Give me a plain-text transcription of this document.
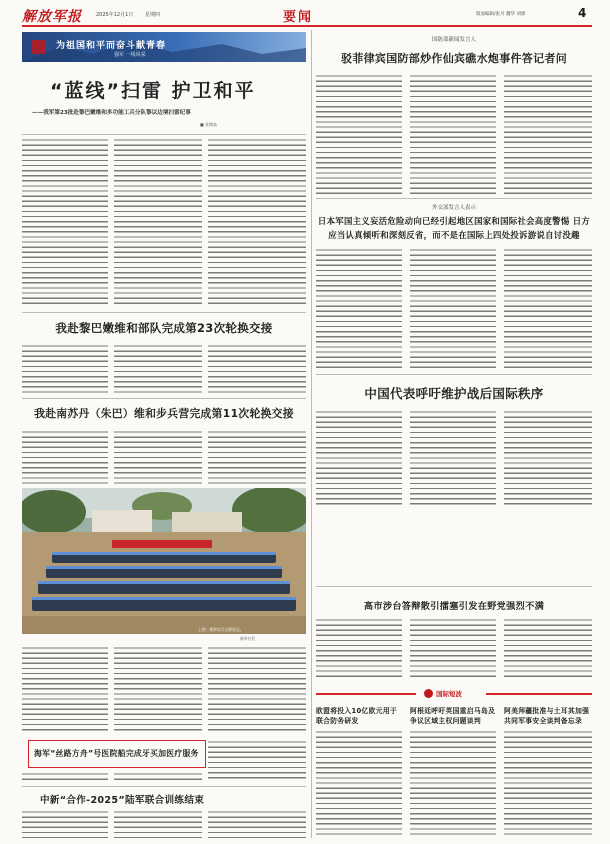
解放军报	2025年12月1日 星期四	要闻	版面编辑/张丹 魏华 刘源	4
为祖国和平而奋斗献青春
强军 一线风采
“蓝线”扫雷 护卫和平
——我军第23批赴黎巴嫩维和多功能工兵分队黎以边境扫雷纪事
■ 张博高
国防部新闻发言人
驳菲律宾国防部炒作仙宾礁水炮事件答记者问
外交部发言人表示
日本军国主义妄活危险动向已经引起地区国家和国际社会高度警惕 日方应当认真倾听和深刻反省，而不是在国际上四处投诉游说自讨没趣
我赴黎巴嫩维和部队完成第23次轮换交接
我赴南苏丹（朱巴）维和步兵营完成第11次轮换交接
上图：维和官兵合影留念。
新华社发
中国代表呼吁维护战后国际秩序
高市涉台答辩散引擂塞引发在野党强烈不满
海军“丝路方舟”号医院船完成牙买加医疗服务
中新“合作-2025”陆军联合训练结束
国际短波
欧盟将投入10亿欧元用于联合防务研发
阿根廷呼吁英国重启马岛及争议区域主权问题谈判
阿美拜疆批准与土耳其加强共同军事安全谈判备忘录
